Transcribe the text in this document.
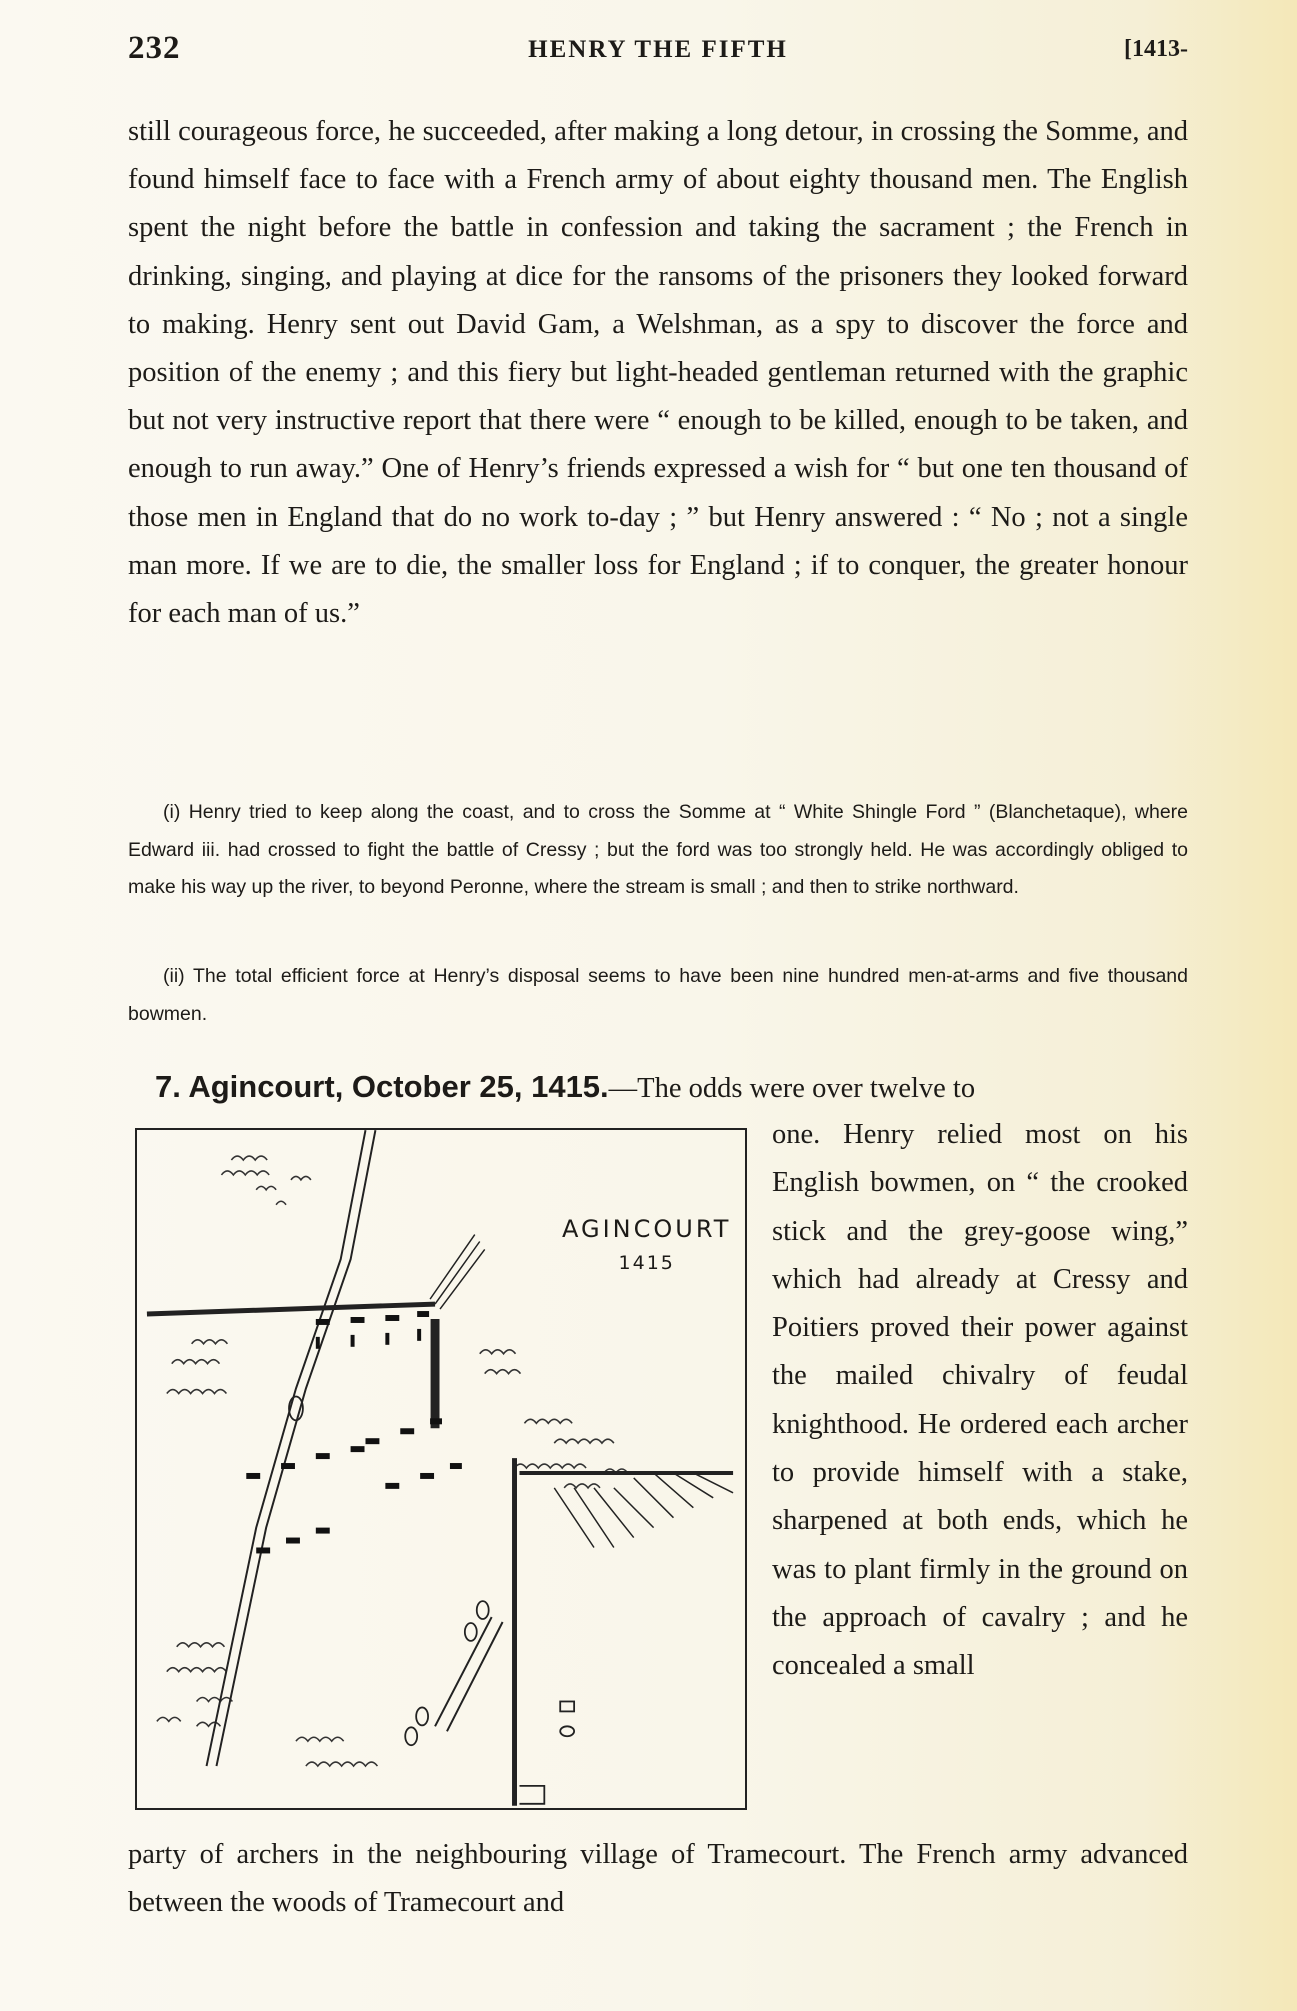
232	HENRY THE FIFTH	[1413-
still courageous force, he succeeded, after making a long detour, in crossing the Somme, and found himself face to face with a French army of about eighty thousand men. The English spent the night before the battle in confession and taking the sacrament ; the French in drinking, singing, and playing at dice for the ransoms of the prisoners they looked forward to making. Henry sent out David Gam, a Welshman, as a spy to discover the force and position of the enemy ; and this fiery but light-headed gentleman returned with the graphic but not very instructive report that there were “ enough to be killed, enough to be taken, and enough to run away.” One of Henry’s friends expressed a wish for “ but one ten thousand of those men in England that do no work to-day ; ” but Henry answered : “ No ; not a single man more. If we are to die, the smaller loss for England ; if to conquer, the greater honour for each man of us.”
(i) Henry tried to keep along the coast, and to cross the Somme at “ White Shingle Ford ” (Blanchetaque), where Edward iii. had crossed to fight the battle of Cressy ; but the ford was too strongly held. He was accordingly obliged to make his way up the river, to beyond Peronne, where the stream is small ; and then to strike northward.
(ii) The total efficient force at Henry’s disposal seems to have been nine hundred men-at-arms and five thousand bowmen.
7. Agincourt, October 25, 1415.—The odds were over twelve to
AGINCOURT
1415
one. Henry relied most on his English bowmen, on “ the crooked stick and the grey-goose wing,” which had already at Cressy and Poitiers proved their power against the mailed chivalry of feudal knighthood. He ordered each archer to provide himself with a stake, sharpened at both ends, which he was to plant firmly in the ground on the approach of cavalry ; and he concealed a small
party of archers in the neighbouring village of Tramecourt. The French army advanced between the woods of Tramecourt and
